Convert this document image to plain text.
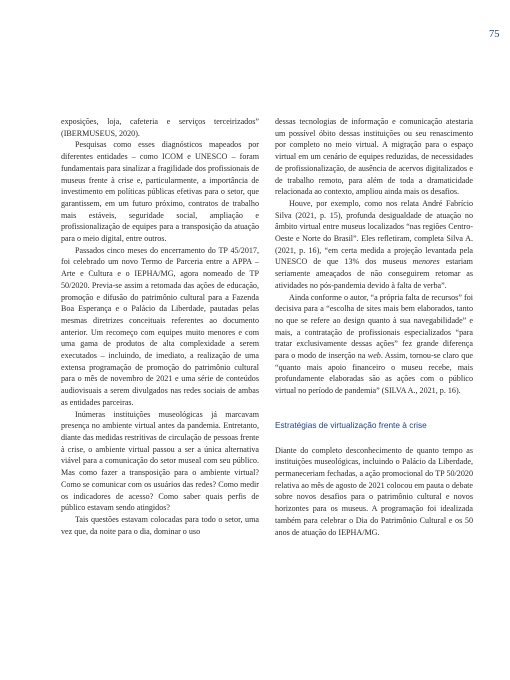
75

exposições, loja, cafeteria e serviços terceirizados” (IBERMUSEUS, 2020).

Pesquisas como esses diagnósticos mapeados por diferentes entidades – como ICOM e UNESCO – foram fundamentais para sinalizar a fragilidade dos profissionais de museus frente à crise e, particularmente, a importância de investimento em políticas públicas efetivas para o setor, que garantissem, em um futuro próximo, contratos de trabalho mais estáveis, seguridade social, ampliação e profissionalização de equipes para a transposição da atuação para o meio digital, entre outros.

Passados cinco meses do encerramento do TP 45/2017, foi celebrado um novo Termo de Parceria entre a APPA – Arte e Cultura e o IEPHA/MG, agora nomeado de TP 50/2020. Previa-se assim a retomada das ações de educação, promoção e difusão do patrimônio cultural para a Fazenda Boa Esperança e o Palácio da Liberdade, pautadas pelas mesmas diretrizes conceituais referentes ao documento anterior. Um recomeço com equipes muito menores e com uma gama de produtos de alta complexidade a serem executados – incluindo, de imediato, a realização de uma extensa programação de promoção do patrimônio cultural para o mês de novembro de 2021 e uma série de conteúdos audiovisuais a serem divulgados nas redes sociais de ambas as entidades parceiras.

Inúmeras instituições museológicas já marcavam presença no ambiente virtual antes da pandemia. Entretanto, diante das medidas restritivas de circulação de pessoas frente à crise, o ambiente virtual passou a ser a única alternativa viável para a comunicação do setor museal com seu público. Mas como fazer a transposição para o ambiente virtual? Como se comunicar com os usuários das redes? Como medir os indicadores de acesso? Como saber quais perfis de público estavam sendo atingidos?

Tais questões estavam colocadas para todo o setor, uma vez que, da noite para o dia, dominar o uso

dessas tecnologias de informação e comunicação atestaria um possível óbito dessas instituições ou seu renascimento por completo no meio virtual. A migração para o espaço virtual em um cenário de equipes reduzidas, de necessidades de profissionalização, de ausência de acervos digitalizados e de trabalho remoto, para além de toda a dramaticidade relacionada ao contexto, ampliou ainda mais os desafios.

Houve, por exemplo, como nos relata André Fabrício Silva (2021, p. 15), profunda desigualdade de atuação no âmbito virtual entre museus localizados “nas regiões Centro-Oeste e Norte do Brasil”. Eles refletiram, completa Silva A. (2021, p. 16), “em certa medida a projeção levantada pela UNESCO de que 13% dos museus menores estariam seriamente ameaçados de não conseguirem retomar as atividades no pós-pandemia devido à falta de verba”.

Ainda conforme o autor, “a própria falta de recursos” foi decisiva para a “escolha de sites mais bem elaborados, tanto no que se refere ao design quanto à sua navegabilidade” e mais, a contratação de profissionais especializados “para tratar exclusivamente dessas ações” fez grande diferença para o modo de inserção na web. Assim, tornou-se claro que “quanto mais apoio financeiro o museu recebe, mais profundamente elaboradas são as ações com o público virtual no período de pandemia” (SILVA A., 2021, p. 16).

Estratégias de virtualização frente à crise

Diante do completo desconhecimento de quanto tempo as instituições museológicas, incluindo o Palácio da Liberdade, permaneceriam fechadas, a ação promocional do TP 50/2020 relativa ao mês de agosto de 2021 colocou em pauta o debate sobre novos desafios para o patrimônio cultural e novos horizontes para os museus. A programação foi idealizada também para celebrar o Dia do Patrimônio Cultural e os 50 anos de atuação do IEPHA/MG.
